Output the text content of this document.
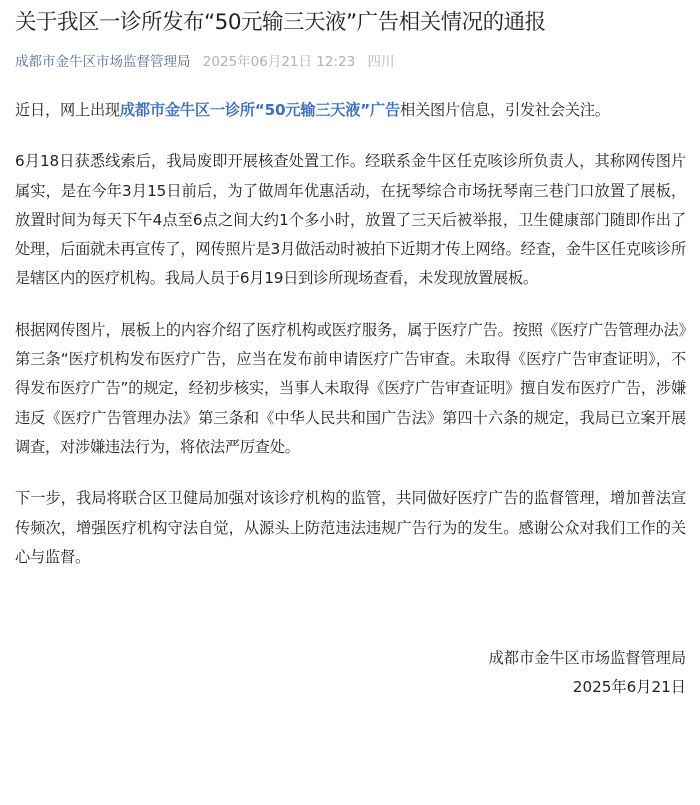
关于我区一诊所发布“50元输三天液”广告相关情况的通报
成都市金牛区市场监督管理局 2025年06月21日 12:23 四川

近日，网上出现成都市金牛区一诊所“50元输三天液”广告相关图片信息，引发社会关注。

6月18日获悉线索后，我局废即开展核查处置工作。经联系金牛区任克咳诊所负责人，其称网传图片属实，是在今年3月15日前后，为了做周年优惠活动，在抚琴综合市场抚琴南三巷门口放置了展板，放置时间为每天下午4点至6点之间大约1个多小时，放置了三天后被举报，卫生健康部门随即作出了处理，后面就未再宣传了，网传照片是3月做活动时被拍下近期才传上网络。经查，金牛区任克咳诊所是辖区内的医疗机构。我局人员于6月19日到诊所现场查看，未发现放置展板。

根据网传图片，展板上的内容介绍了医疗机构或医疗服务，属于医疗广告。按照《医疗广告管理办法》第三条“医疗机构发布医疗广告，应当在发布前申请医疗广告审查。未取得《医疗广告审查证明》，不得发布医疗广告”的规定，经初步核实，当事人未取得《医疗广告审查证明》擅自发布医疗广告，涉嫌违反《医疗广告管理办法》第三条和《中华人民共和国广告法》第四十六条的规定，我局已立案开展调查，对涉嫌违法行为，将依法严厉查处。

下一步，我局将联合区卫健局加强对该诊疗机构的监管，共同做好医疗广告的监督管理，增加普法宣传频次，增强医疗机构守法自觉，从源头上防范违法违规广告行为的发生。感谢公众对我们工作的关心与监督。

成都市金牛区市场监督管理局
2025年6月21日
